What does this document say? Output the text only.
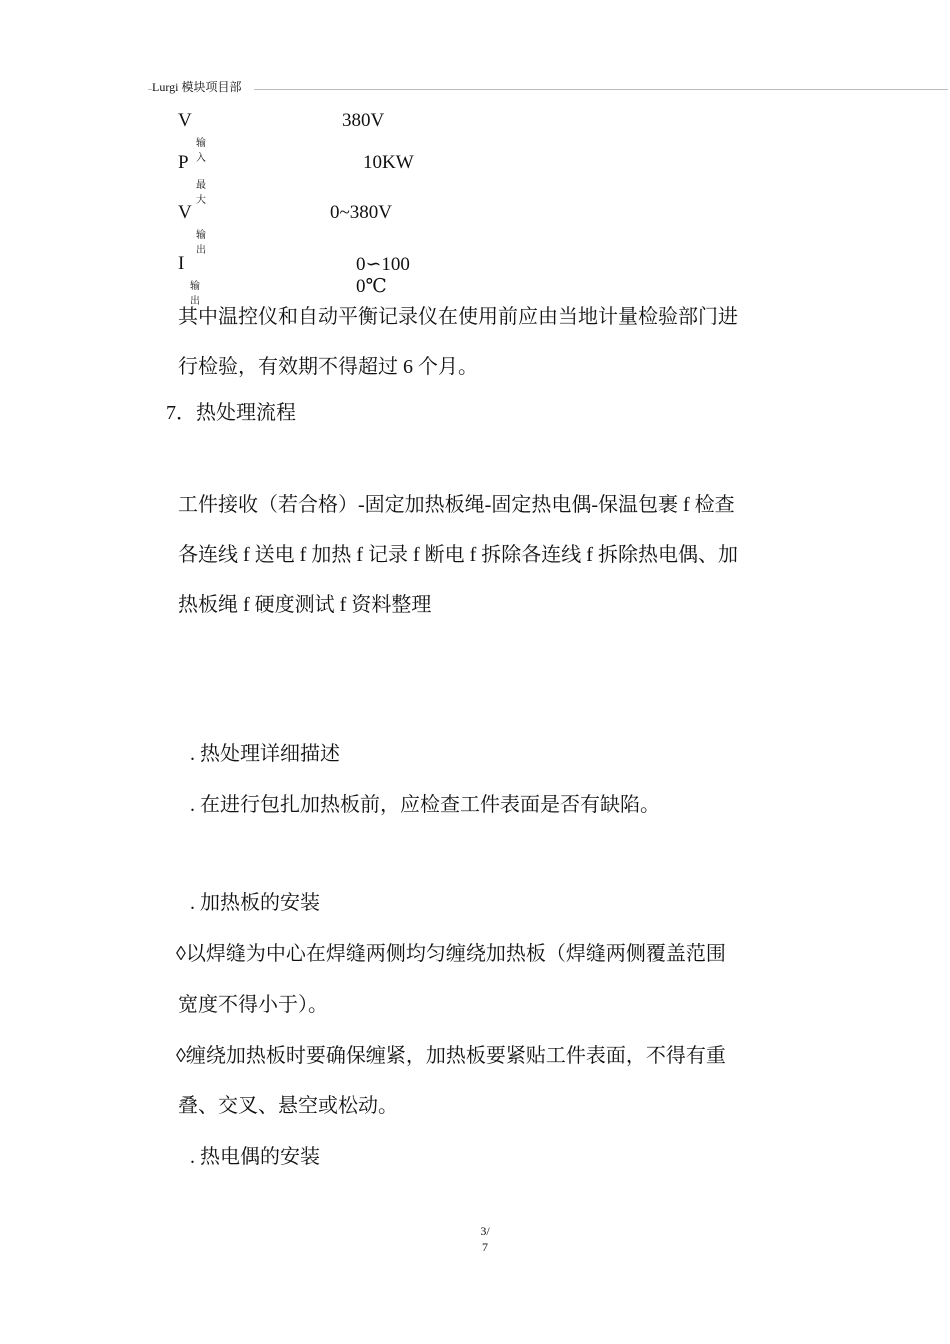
Lurgi 模块项目部
V
输入
380V
P
最大
10KW
V
输出
0~380V
I
输出
0∽100
0℃
其中温控仪和自动平衡记录仪在使用前应由当地计量检验部门进
行检验，有效期不得超过 6 个月。
7．热处理流程
工件接收（若合格）-固定加热板绳-固定热电偶-保温包裹 f 检查
各连线 f 送电 f 加热 f 记录 f 断电 f 拆除各连线 f 拆除热电偶、加
热板绳 f 硬度测试 f 资料整理
. 热处理详细描述
. 在进行包扎加热板前，应检查工件表面是否有缺陷。
. 加热板的安装
◊以焊缝为中心在焊缝两侧均匀缠绕加热板（焊缝两侧覆盖范围
宽度不得小于）。
◊缠绕加热板时要确保缠紧，加热板要紧贴工件表面，不得有重
叠、交叉、悬空或松动。
. 热电偶的安装
3/
7
